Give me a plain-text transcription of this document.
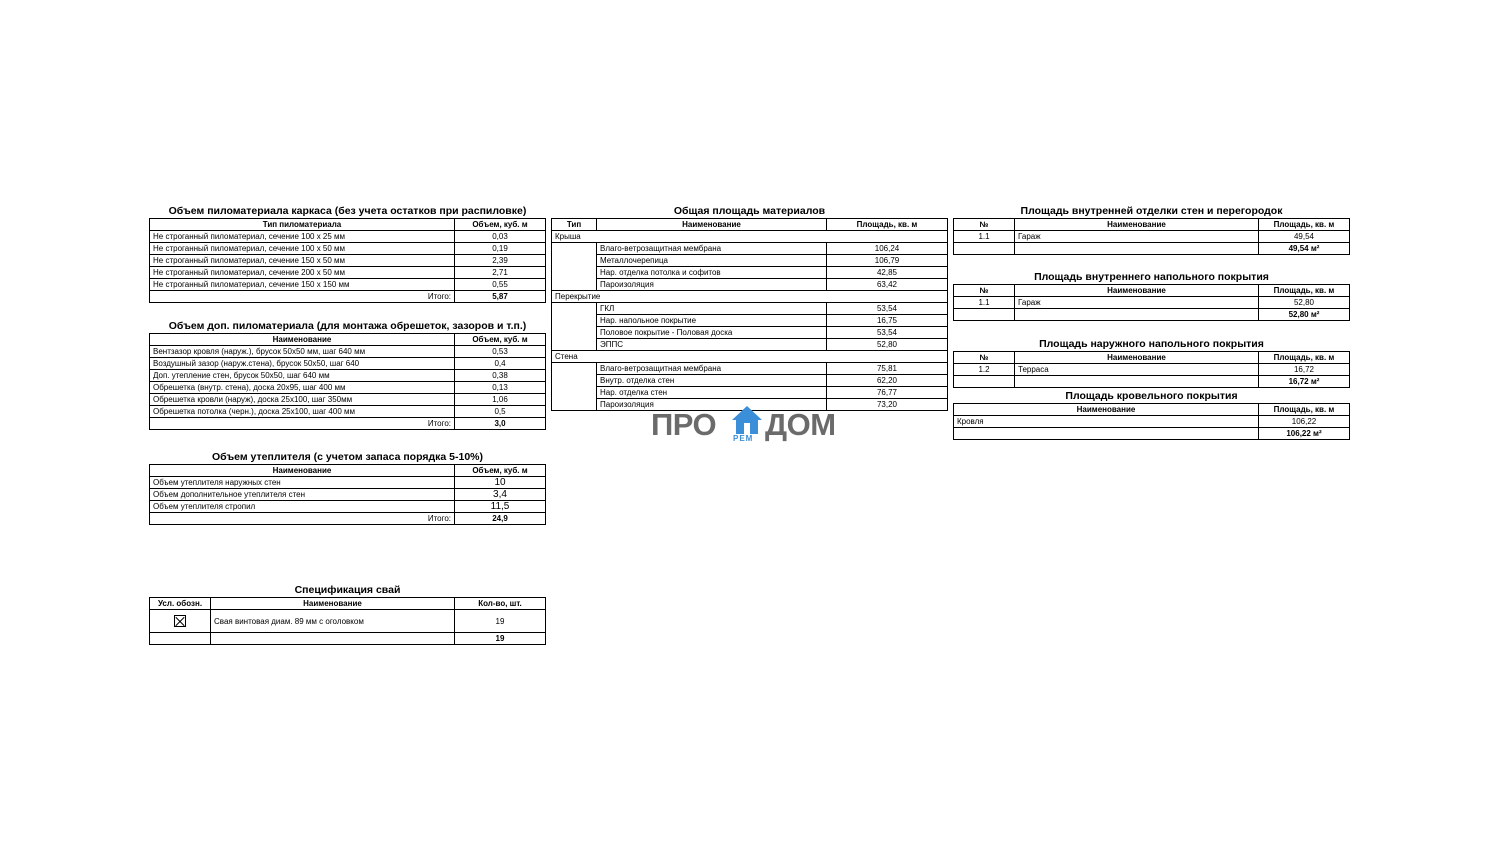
Объем пиломатериала каркаса (без учета остатков при распиловке)
Тип пиломатериала	Объем, куб. м
Не строганный пиломатериал, сечение 100 х 25 мм	0,03
Не строганный пиломатериал, сечение 100 х 50 мм	0,19
Не строганный пиломатериал, сечение 150 х 50 мм	2,39
Не строганный пиломатериал, сечение 200 х 50 мм	2,71
Не строганный пиломатериал, сечение 150 х 150 мм	0,55
Итого:	5,87
Объем доп. пиломатериала (для монтажа обрешеток, зазоров и т.п.)
Наименование	Объем, куб. м
Вентзазор кровля (наруж.), брусок 50х50 мм, шаг 640 мм	0,53
Воздушный зазор (наруж.стена), брусок 50х50, шаг 640	0,4
Доп. утепление стен, брусок 50х50, шаг 640 мм	0,38
Обрешетка (внутр. стена), доска 20х95, шаг 400 мм	0,13
Обрешетка кровли (наруж), доска 25х100, шаг 350мм	1,06
Обрешетка потолка (черн.), доска 25х100, шаг 400 мм	0,5
Итого:	3,0
Объем утеплителя (с учетом запаса порядка 5-10%)
Наименование	Объем, куб. м
Объем утеплителя наружных стен	10
Объем дополнительное утеплителя стен	3,4
Объем утеплителя стропил	11,5
Итого:	24,9
Спецификация свай
Усл. обозн.	Наименование	Кол-во, шт.
	Свая винтовая диам. 89 мм с оголовком	19
		19
Общая площадь материалов
Тип	Наименование	Площадь, кв. м
Крыша		
	Влаго-ветрозащитная мембрана	106,24
	Металлочерепица	106,79
	Нар. отделка потолка и софитов	42,85
	Пароизоляция	63,42
Перекрытие		
	ГКЛ	53,54
	Нар. напольное покрытие	16,75
	Половое покрытие - Половая доска	53,54
	ЭППС	52,80
Стена		
	Влаго-ветрозащитная мембрана	75,81
	Внутр. отделка стен	62,20
	Нар. отделка стен	76,77
	Пароизоляция	73,20
ПРО РЕМ ДОМ
Площадь внутренней отделки стен и перегородок
№	Наименование	Площадь, кв. м
1.1	Гараж	49,54
		49,54 м²
Площадь внутреннего напольного покрытия
№	Наименование	Площадь, кв. м
1.1	Гараж	52,80
		52,80 м²
Площадь наружного напольного покрытия
№	Наименование	Площадь, кв. м
1.2	Терраса	16,72
		16,72 м²
Площадь кровельного покрытия
Наименование	Площадь, кв. м
Кровля	106,22
	106,22 м²
